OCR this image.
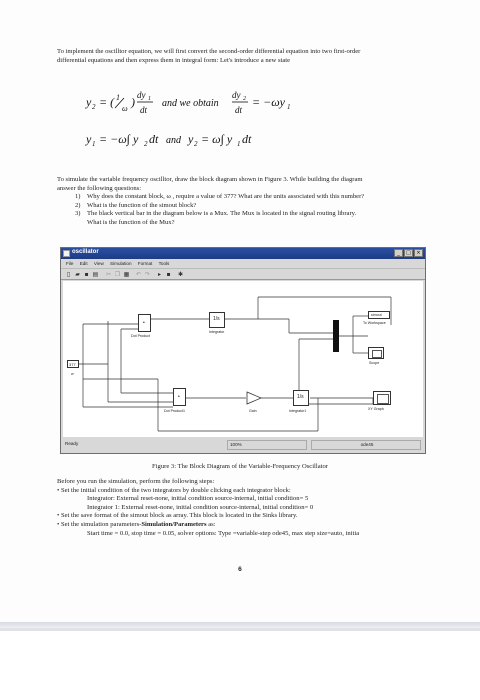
To implement the oscilltor equation, we will first convert the second-order differential equation into two first-order
differential equations and then express them in integral form: Let's introduce a new state
y 2 = ( 1
ω ) dy 1
dt
and we obtain
dy 2
dt
= −ωy 1
y 1 = −ω∫ y 2 dt and y 2 = ω∫ y 1 dt
To simulate the variable frequency oscilltor, draw the block diagram shown in Figure 3. While building the diagram
answer the following questions:
1) Why does the constant block, ω , require a value of 377? What are the units associated with this number?
2) What is the function of the simout block?
3) The black vertical bar in the diagram below is a Mux. The Mux is located in the signal routing library.
What is the function of the Mux?
oscillator	_	□	×
File Edit View Simulation Format Tools
▯ ▰ ▪ ▤ ✂ ❐ ▦ ↶ ↷	▸ ▪ ✱
377
w
•
Dot Product
1/s
Integrator
simout
To Workspace
Scope
•
Dot Product1	Gain
1/s
Integrator1	XY Graph
Ready	100%	ode45
Figure 3: The Block Diagram of the Variable-Frequency Oscillator
Before you run the simulation, perform the following steps:
• Set the initial condition of the two integrators by double clicking each integrator block:
Integrator: External reset-none, initial condition source-internal, initial condition= 5
Integrator 1: External reset-none, initial condition source-internal, initial condition= 0
• Set the save format of the simout block as array. This block is located in the Sinks library.
• Set the simulation parameters-Simulation/Parameters as:
Start time = 0.0, stop time = 0.05, solver options: Type =variable-step ode45, max step size=auto, initia
6
